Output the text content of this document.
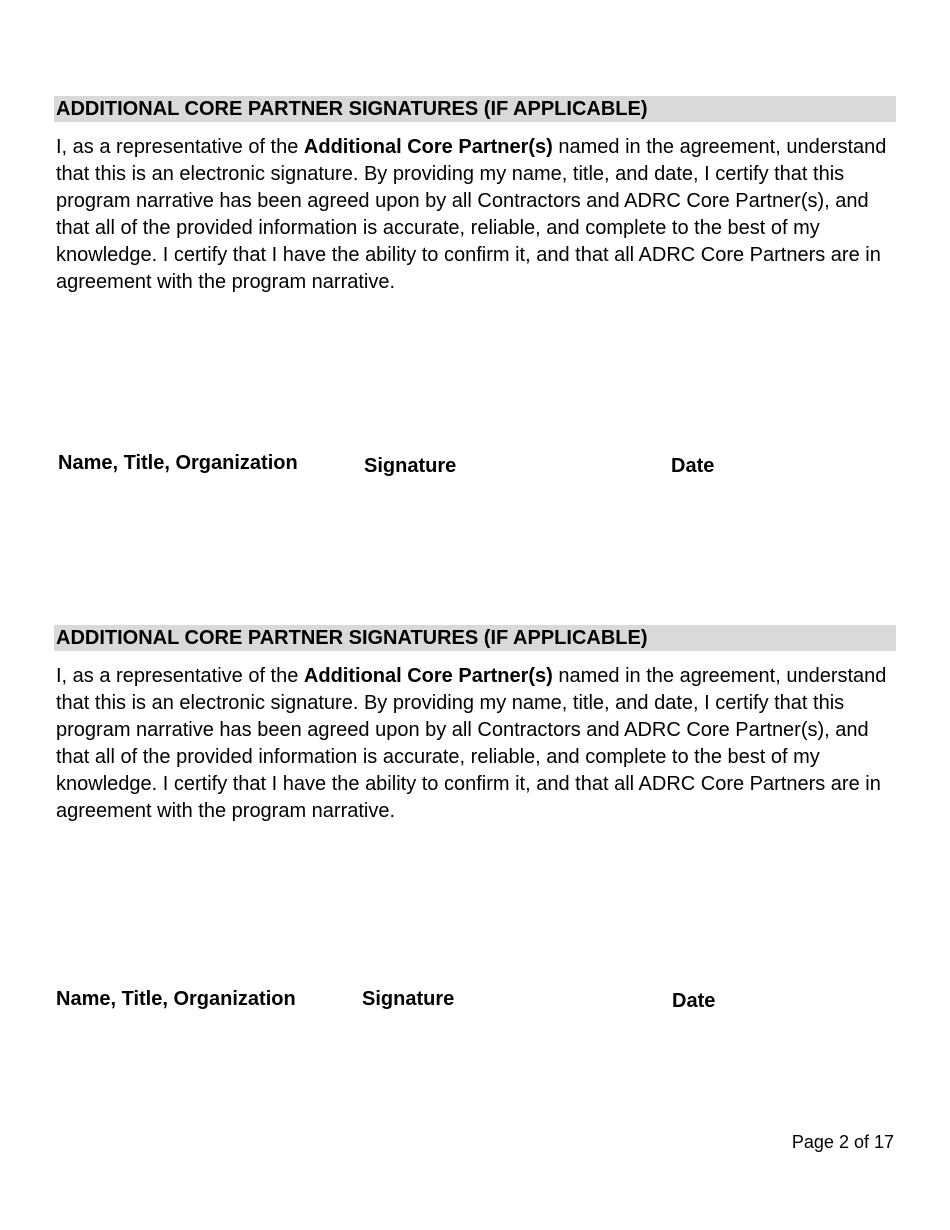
ADDITIONAL CORE PARTNER SIGNATURES (IF APPLICABLE)

I, as a representative of the Additional Core Partner(s) named in the agreement, understand that this is an electronic signature. By providing my name, title, and date, I certify that this program narrative has been agreed upon by all Contractors and ADRC Core Partner(s), and that all of the provided information is accurate, reliable, and complete to the best of my knowledge. I certify that I have the ability to confirm it, and that all ADRC Core Partners are in agreement with the program narrative.

Name, Title, Organization	Signature	Date
ADDITIONAL CORE PARTNER SIGNATURES (IF APPLICABLE)

I, as a representative of the Additional Core Partner(s) named in the agreement, understand that this is an electronic signature. By providing my name, title, and date, I certify that this program narrative has been agreed upon by all Contractors and ADRC Core Partner(s), and that all of the provided information is accurate, reliable, and complete to the best of my knowledge. I certify that I have the ability to confirm it, and that all ADRC Core Partners are in agreement with the program narrative.

Name, Title, Organization	Signature	Date
Page 2 of 17
